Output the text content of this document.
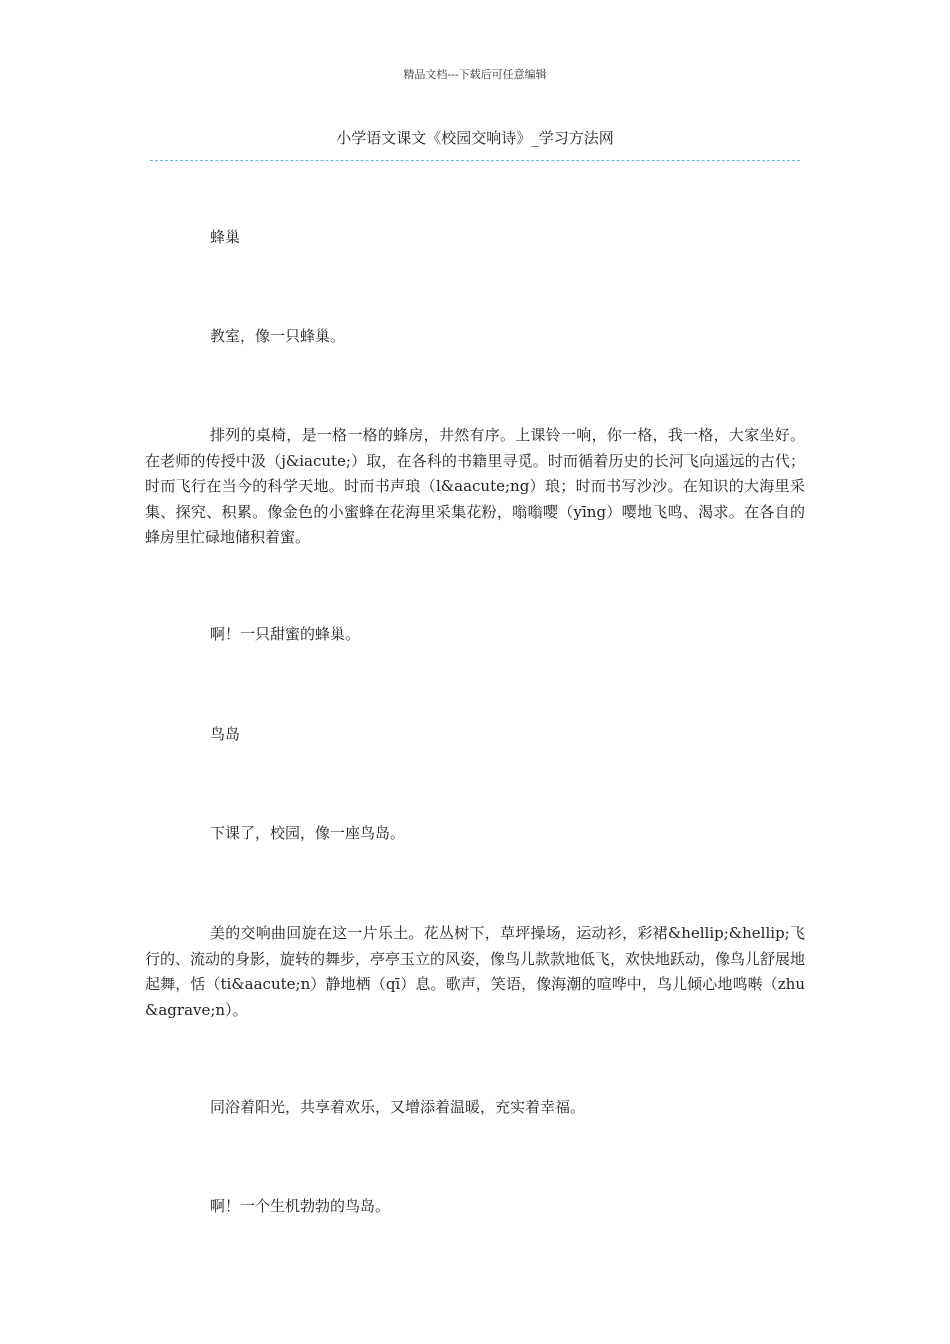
精品文档---下载后可任意编辑
小学语文课文《校园交响诗》_学习方法网

蜂巢

教室，像一只蜂巢。

排列的桌椅，是一格一格的蜂房，井然有序。上课铃一响，你一格，我一格，大家坐好。在老师的传授中汲（j&iacute;）取，在各科的书籍里寻觅。时而循着历史的长河飞向遥远的古代；时而飞行在当今的科学天地。时而书声琅（l&aacute;ng）琅；时而书写沙沙。在知识的大海里采集、探究、积累。像金色的小蜜蜂在花海里采集花粉，嗡嗡嘤（yīng）嘤地飞鸣、渴求。在各自的蜂房里忙碌地储积着蜜。

啊！一只甜蜜的蜂巢。

鸟岛

下课了，校园，像一座鸟岛。

美的交响曲回旋在这一片乐土。花丛树下，草坪操场，运动衫，彩裙&hellip;&hellip;飞行的、流动的身影，旋转的舞步，亭亭玉立的风姿，像鸟儿款款地低飞，欢快地跃动，像鸟儿舒展地起舞，恬（ti&aacute;n）静地栖（qī）息。歌声，笑语，像海潮的喧哗中，鸟儿倾心地鸣啭（zhu&agrave;n）。

同浴着阳光，共享着欢乐，又增添着温暖，充实着幸福。

啊！一个生机勃勃的鸟岛。
